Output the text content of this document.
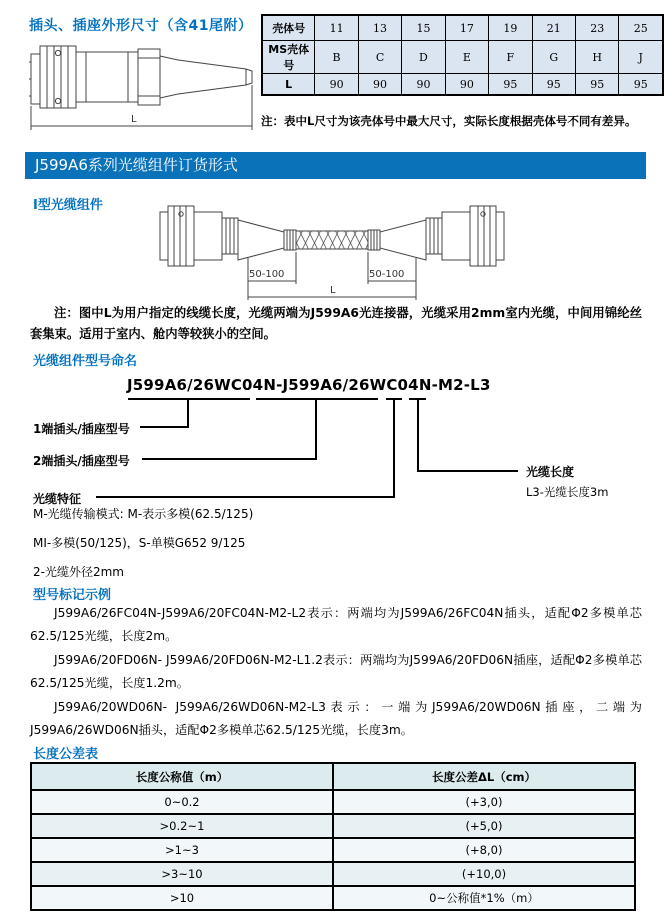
插头、插座外形尺寸（含41尾附）
L
壳体号	11	13	15	17	19	21	23	25
MS壳体号	B	C	D	E	F	G	H	J
L	90	90	90	90	95	95	95	95
注：表中L尺寸为该壳体号中最大尺寸，实际长度根据壳体号不同有差异。
J599A6系列光缆组件订货形式
I型光缆组件
50-100	50-100
L
注：图中L为用户指定的线缆长度，光缆两端为J599A6光连接器，光缆采用2mm室内光缆，中间用锦纶丝套集束。适用于室内、舱内等较狭小的空间。
光缆组件型号命名
J599A6/26WC04N-J599A6/26WC04N-M2-L3
1端插头/插座型号
2端插头/插座型号
光缆特征
光缆长度
L3-光缆长度3m
M-光缆传输模式: M-表示多模(62.5/125)
MI-多模(50/125)，S-单模G652 9/125
2-光缆外径2mm
型号标记示例

J599A6/26FC04N-J599A6/20FC04N-M2-L2表示：两端均为J599A6/26FC04N插头，适配Φ2多模单芯62.5/125光缆，长度2m。

J599A6/20FD06N- J599A6/20FD06N-M2-L1.2表示：两端均为J599A6/20FD06N插座，适配Φ2多模单芯62.5/125光缆，长度1.2m。

J599A6/20WD06N- J599A6/26WD06N-M2-L3表示：一端为J599A6/20WD06N插座，二端为J599A6/26WD06N插头，适配Φ2多模单芯62.5/125光缆，长度3m。

长度公差表
长度公称值（m）	长度公差ΔL（cm）
0~0.2	(+3,0)
>0.2~1	(+5,0)
>1~3	(+8,0)
>3~10	(+10,0)
>10	0~公称值*1%（m）
